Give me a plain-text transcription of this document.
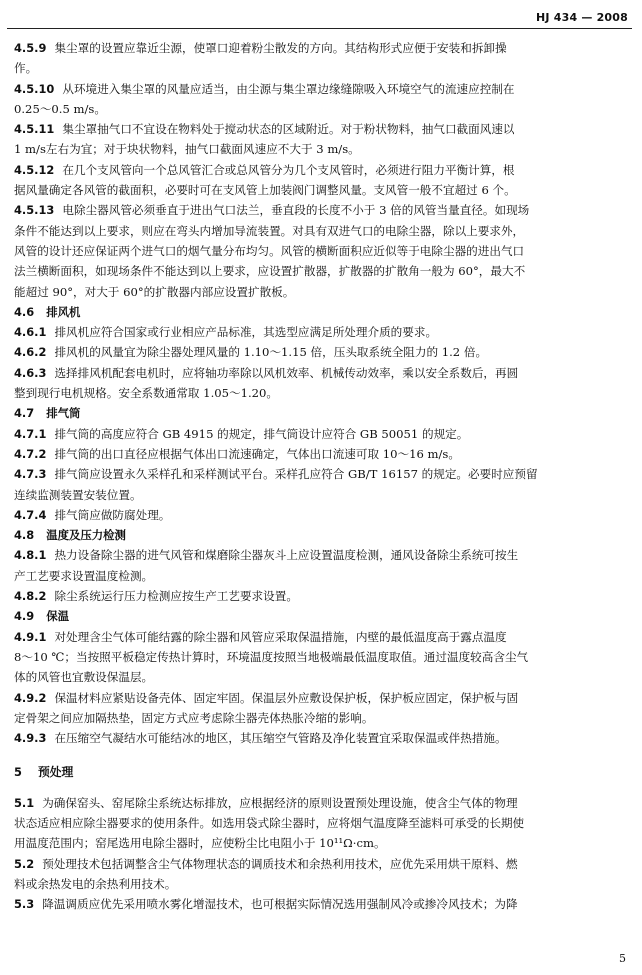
HJ 434 — 2008
4.5.9 集尘罩的设置应靠近尘源，使罩口迎着粉尘散发的方向。其结构形式应便于安装和拆卸操
作。
4.5.10 从环境进入集尘罩的风量应适当，由尘源与集尘罩边缘缝隙吸入环境空气的流速应控制在
0.25～0.5 m/s。
4.5.11 集尘罩抽气口不宜设在物料处于搅动状态的区域附近。对于粉状物料，抽气口截面风速以
1 m/s左右为宜；对于块状物料，抽气口截面风速应不大于 3 m/s。
4.5.12 在几个支风管向一个总风管汇合或总风管分为几个支风管时，必须进行阻力平衡计算，根
据风量确定各风管的截面积，必要时可在支风管上加装阀门调整风量。支风管一般不宜超过 6 个。
4.5.13 电除尘器风管必须垂直于进出气口法兰，垂直段的长度不小于 3 倍的风管当量直径。如现场
条件不能达到以上要求，则应在弯头内增加导流装置。对具有双进气口的电除尘器，除以上要求外，
风管的设计还应保证两个进气口的烟气量分布均匀。风管的横断面积应近似等于电除尘器的进出气口
法兰横断面积，如现场条件不能达到以上要求，应设置扩散器，扩散器的扩散角一般为 60°，最大不
能超过 90°，对大于 60°的扩散器内部应设置扩散板。
4.6 排风机
4.6.1 排风机应符合国家或行业相应产品标准，其选型应满足所处理介质的要求。
4.6.2 排风机的风量宜为除尘器处理风量的 1.10～1.15 倍，压头取系统全阻力的 1.2 倍。
4.6.3 选择排风机配套电机时，应将轴功率除以风机效率、机械传动效率，乘以安全系数后，再圆
整到现行电机规格。安全系数通常取 1.05～1.20。
4.7 排气筒
4.7.1 排气筒的高度应符合 GB 4915 的规定，排气筒设计应符合 GB 50051 的规定。
4.7.2 排气筒的出口直径应根据气体出口流速确定，气体出口流速可取 10～16 m/s。
4.7.3 排气筒应设置永久采样孔和采样测试平台。采样孔应符合 GB/T 16157 的规定。必要时应预留
连续监测装置安装位置。
4.7.4 排气筒应做防腐处理。
4.8 温度及压力检测
4.8.1 热力设备除尘器的进气风管和煤磨除尘器灰斗上应设置温度检测，通风设备除尘系统可按生
产工艺要求设置温度检测。
4.8.2 除尘系统运行压力检测应按生产工艺要求设置。
4.9 保温
4.9.1 对处理含尘气体可能结露的除尘器和风管应采取保温措施，内壁的最低温度高于露点温度
8～10 ℃；当按照平板稳定传热计算时，环境温度按照当地极端最低温度取值。通过温度较高含尘气
体的风管也宜敷设保温层。
4.9.2 保温材料应紧贴设备壳体、固定牢固。保温层外应敷设保护板，保护板应固定，保护板与固
定骨架之间应加隔热垫，固定方式应考虑除尘器壳体热胀冷缩的影响。
4.9.3 在压缩空气凝结水可能结冰的地区，其压缩空气管路及净化装置宜采取保温或伴热措施。
5 预处理
5.1 为确保窑头、窑尾除尘系统达标排放，应根据经济的原则设置预处理设施，使含尘气体的物理
状态适应相应除尘器要求的使用条件。如选用袋式除尘器时，应将烟气温度降至滤料可承受的长期使
用温度范围内；窑尾选用电除尘器时，应使粉尘比电阻小于 10¹¹Ω·cm。
5.2 预处理技术包括调整含尘气体物理状态的调质技术和余热利用技术，应优先采用烘干原料、燃
料或余热发电的余热利用技术。
5.3 降温调质应优先采用喷水雾化增湿技术，也可根据实际情况选用强制风冷或掺冷风技术；为降
5
